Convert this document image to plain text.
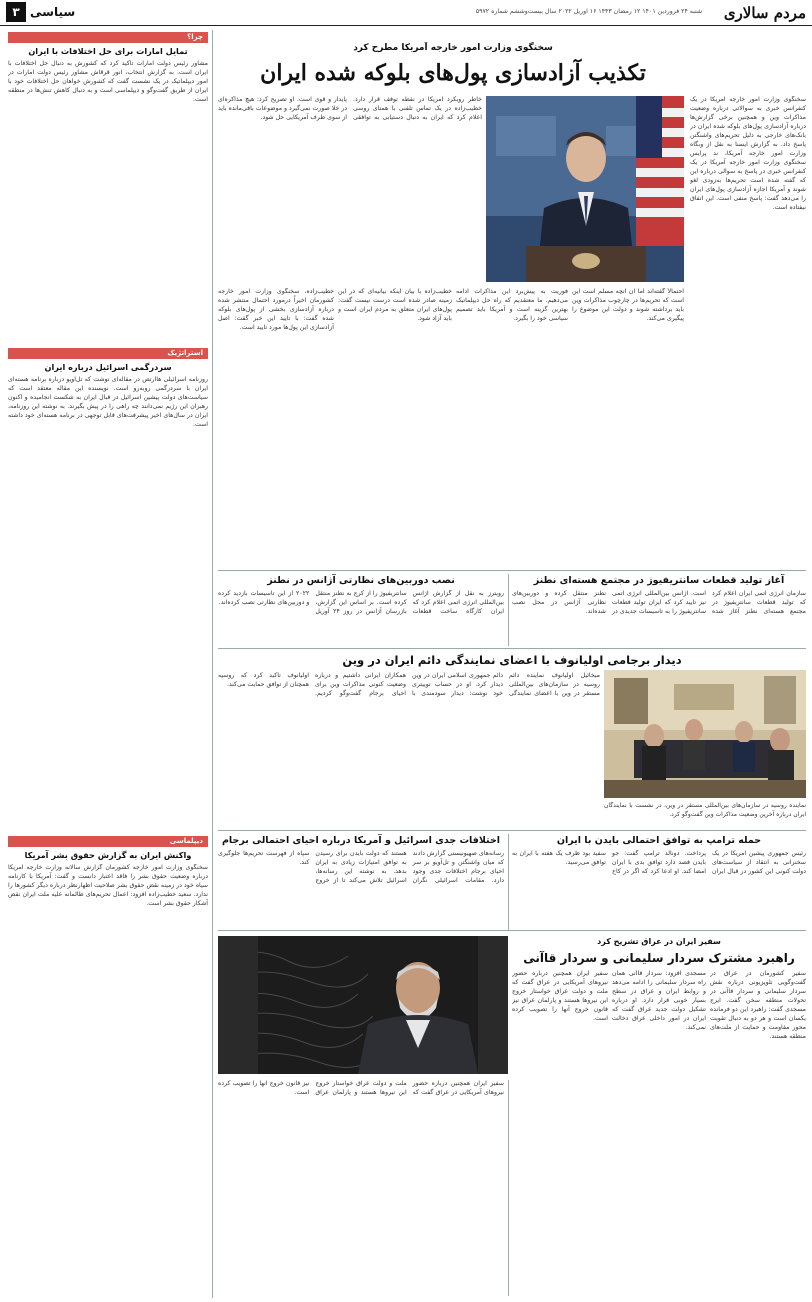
مردم سالاری
شنبه ۲۴ فروردین ۱۴۰۱ ۱۲ رمضان ۱۴۴۳ ۱۶ آوریل ۲۰۲۲ سال بیست‌وششم شماره ۵۹۷۲
سیاسی
۳
چرا؟
تمایل امارات برای حل اختلافات با ایران
مشاور رئیس دولت امارات تاکید کرد که کشورش به دنبال حل اختلافات با ایران است. به گزارش انتخاب، انور قرقاش مشاور رئیس دولت امارات در امور دیپلماتیک در یک نشست گفت که کشورش خواهان حل اختلافات خود با ایران از طریق گفت‌وگو و دیپلماسی است و به دنبال کاهش تنش‌ها در منطقه است.
استراتژیک
سردرگمی اسرائیل درباره ایران
روزنامه اسرائیلی هاآرتص در مقاله‌ای نوشت که تل‌آویو درباره برنامه هسته‌ای ایران با سردرگمی روبه‌رو است. نویسنده این مقاله معتقد است که سیاست‌های دولت پیشین اسرائیل در قبال ایران به شکست انجامیده و اکنون رهبران این رژیم نمی‌دانند چه راهی را در پیش بگیرند. به نوشته این روزنامه، ایران در سال‌های اخیر پیشرفت‌های قابل توجهی در برنامه هسته‌ای خود داشته است.
دیپلماسی
واکنش ایران به گزارش حقوق بشر آمریکا
سخنگوی وزارت امور خارجه کشورمان گزارش سالانه وزارت خارجه آمریکا درباره وضعیت حقوق بشر را فاقد اعتبار دانست و گفت: آمریکا با کارنامه سیاه خود در زمینه نقض حقوق بشر صلاحیت اظهارنظر درباره دیگر کشورها را ندارد. سعید خطیب‌زاده افزود: اعمال تحریم‌های ظالمانه علیه ملت ایران نقض آشکار حقوق بشر است.
سخنگوی وزارت امور خارجه آمریکا مطرح کرد
تکذیب آزادسازی پول‌های بلوکه شده ایران
سخنگوی وزارت امور خارجه آمریکا در یک کنفرانس خبری به سوالاتی درباره وضعیت مذاکرات وین و همچنین برخی گزارش‌ها درباره آزادسازی پول‌های بلوکه شده ایران در بانک‌های خارجی به دلیل تحریم‌های واشنگتن پاسخ داد. به گزارش ایسنا به نقل از وبگاه وزارت امور خارجه آمریکا، ند پرایس سخنگوی وزارت امور خارجه آمریکا در یک کنفرانس خبری در پاسخ به سوالی درباره این که گفته شده است تحریم‌ها به‌زودی لغو شوند و آمریکا اجازه آزادسازی پول‌های ایران را می‌دهد گفت: پاسخ منفی است. این اتفاق نیفتاده است.
خاطر رویکرد آمریکا در نقطه توقف قرار دارد. خطیب‌زاده در یک تماس تلفنی با همتای روسی اعلام کرد که ایران به دنبال دستیابی به توافقی پایدار و قوی است. او تصریح کرد: هیچ مذاکره‌ای در خلا صورت نمی‌گیرد و موضوعات باقی‌مانده باید از سوی طرف آمریکایی حل شود.
احتمالاً گفته‌اند اما آن آنچه مسلم است این است که تحریم‌ها در چارچوب مذاکرات وین باید برداشته شوند و دولت این موضوع را پیگیری می‌کند.
فوریت به پیش‌برد این مذاکرات ادامه می‌دهیم. ما معتقدیم که راه حل دیپلماتیک بهترین گزینه است و آمریکا باید تصمیم سیاسی خود را بگیرد.
خطیب‌زاده با بیان اینکه بیانیه‌ای که در این زمینه صادر شده است درست نیست گفت: پول‌های ایران متعلق به مردم ایران است و باید آزاد شود.
خطیب‌زاده، سخنگوی وزارت امور خارجه کشورمان اخیراً درمورد احتمال منتشر شده درباره آزادسازی بخشی از پول‌های بلوکه شده گفت: با تایید این خبر گفت: اصل آزادسازی این پول‌ها مورد تایید است.
آغاز تولید قطعات سانتریفیوژ در مجتمع هسته‌ای نطنز
سازمان انرژی اتمی ایران اعلام کرد که تولید قطعات سانتریفیوژ در مجتمع هسته‌ای نطنز آغاز شده است. آژانس بین‌المللی انرژی اتمی نیز تایید کرد که ایران تولید قطعات سانتریفیوژ را به تاسیسات جدیدی در نطنز منتقل کرده و دوربین‌های نظارتی آژانس در محل نصب شده‌اند.
نصب دوربین‌های نظارتی آژانس در نطنز
رویترز به نقل از گزارش آژانس بین‌المللی انرژی اتمی اعلام کرد که ایران کارگاه ساخت قطعات سانتریفیوژ را از کرج به نطنز منتقل کرده است. بر اساس این گزارش، بازرسان آژانس در روز ۲۴ آوریل ۲۰۲۲ از این تاسیسات بازدید کرده و دوربین‌های نظارتی نصب کرده‌اند.
دیدار برجامی اولیانوف با اعضای نمایندگی دائم ایران در وین
نماینده روسیه در سازمان‌های بین‌المللی مستقر در وین، در نشست با نمایندگان ایران درباره آخرین وضعیت مذاکرات وین گفت‌وگو کرد.
میخائیل اولیانوف نماینده دائم روسیه در سازمان‌های بین‌المللی مستقر در وین با اعضای نمایندگی دائم جمهوری اسلامی ایران در وین دیدار کرد. او در حساب توییتری خود نوشت: دیدار سودمندی با همکاران ایرانی داشتیم و درباره وضعیت کنونی مذاکرات وین برای احیای برجام گفت‌وگو کردیم. اولیانوف تاکید کرد که روسیه همچنان از توافق حمایت می‌کند.
حمله ترامپ به توافق احتمالی بایدن با ایران
رئیس جمهوری پیشین آمریکا در یک سخنرانی به انتقاد از سیاست‌های دولت کنونی این کشور در قبال ایران پرداخت. دونالد ترامپ گفت: جو بایدن قصد دارد توافق بدی با ایران امضا کند. او ادعا کرد که اگر در کاخ سفید بود ظرف یک هفته با ایران به توافق می‌رسید.
اختلافات جدی اسرائیل و آمریکا درباره احیای احتمالی برجام
رسانه‌های صهیونیستی گزارش دادند که میان واشنگتن و تل‌آویو بر سر احیای برجام اختلافات جدی وجود دارد. مقامات اسرائیلی نگران هستند که دولت بایدن برای رسیدن به توافق امتیازات زیادی به ایران بدهد. به نوشته این رسانه‌ها، اسرائیل تلاش می‌کند تا از خروج سپاه از فهرست تحریم‌ها جلوگیری کند.
سفیر ایران در عراق تشریح کرد
راهبرد مشترک سردار سلیمانی و سردار قاآنی
سفیر کشورمان در عراق در گفت‌وگویی تلویزیونی درباره نقش سردار سلیمانی و سردار قاآنی در تحولات منطقه سخن گفت. ایرج مسجدی گفت: راهبرد این دو فرمانده یکسان است و هر دو به دنبال تقویت محور مقاومت و حمایت از ملت‌های منطقه هستند.
مسجدی افزود: سردار قاآنی همان راه سردار سلیمانی را ادامه می‌دهد و روابط ایران و عراق در سطح بسیار خوبی قرار دارد. او درباره تشکیل دولت جدید عراق گفت که ایران در امور داخلی عراق دخالت نمی‌کند.
سفیر ایران همچنین درباره حضور نیروهای آمریکایی در عراق گفت که ملت و دولت عراق خواستار خروج این نیروها هستند و پارلمان عراق نیز قانون خروج آنها را تصویب کرده است.
سفیر ایران همچنین درباره حضور نیروهای آمریکایی در عراق گفت که ملت و دولت عراق خواستار خروج این نیروها هستند و پارلمان عراق نیز قانون خروج آنها را تصویب کرده است.
